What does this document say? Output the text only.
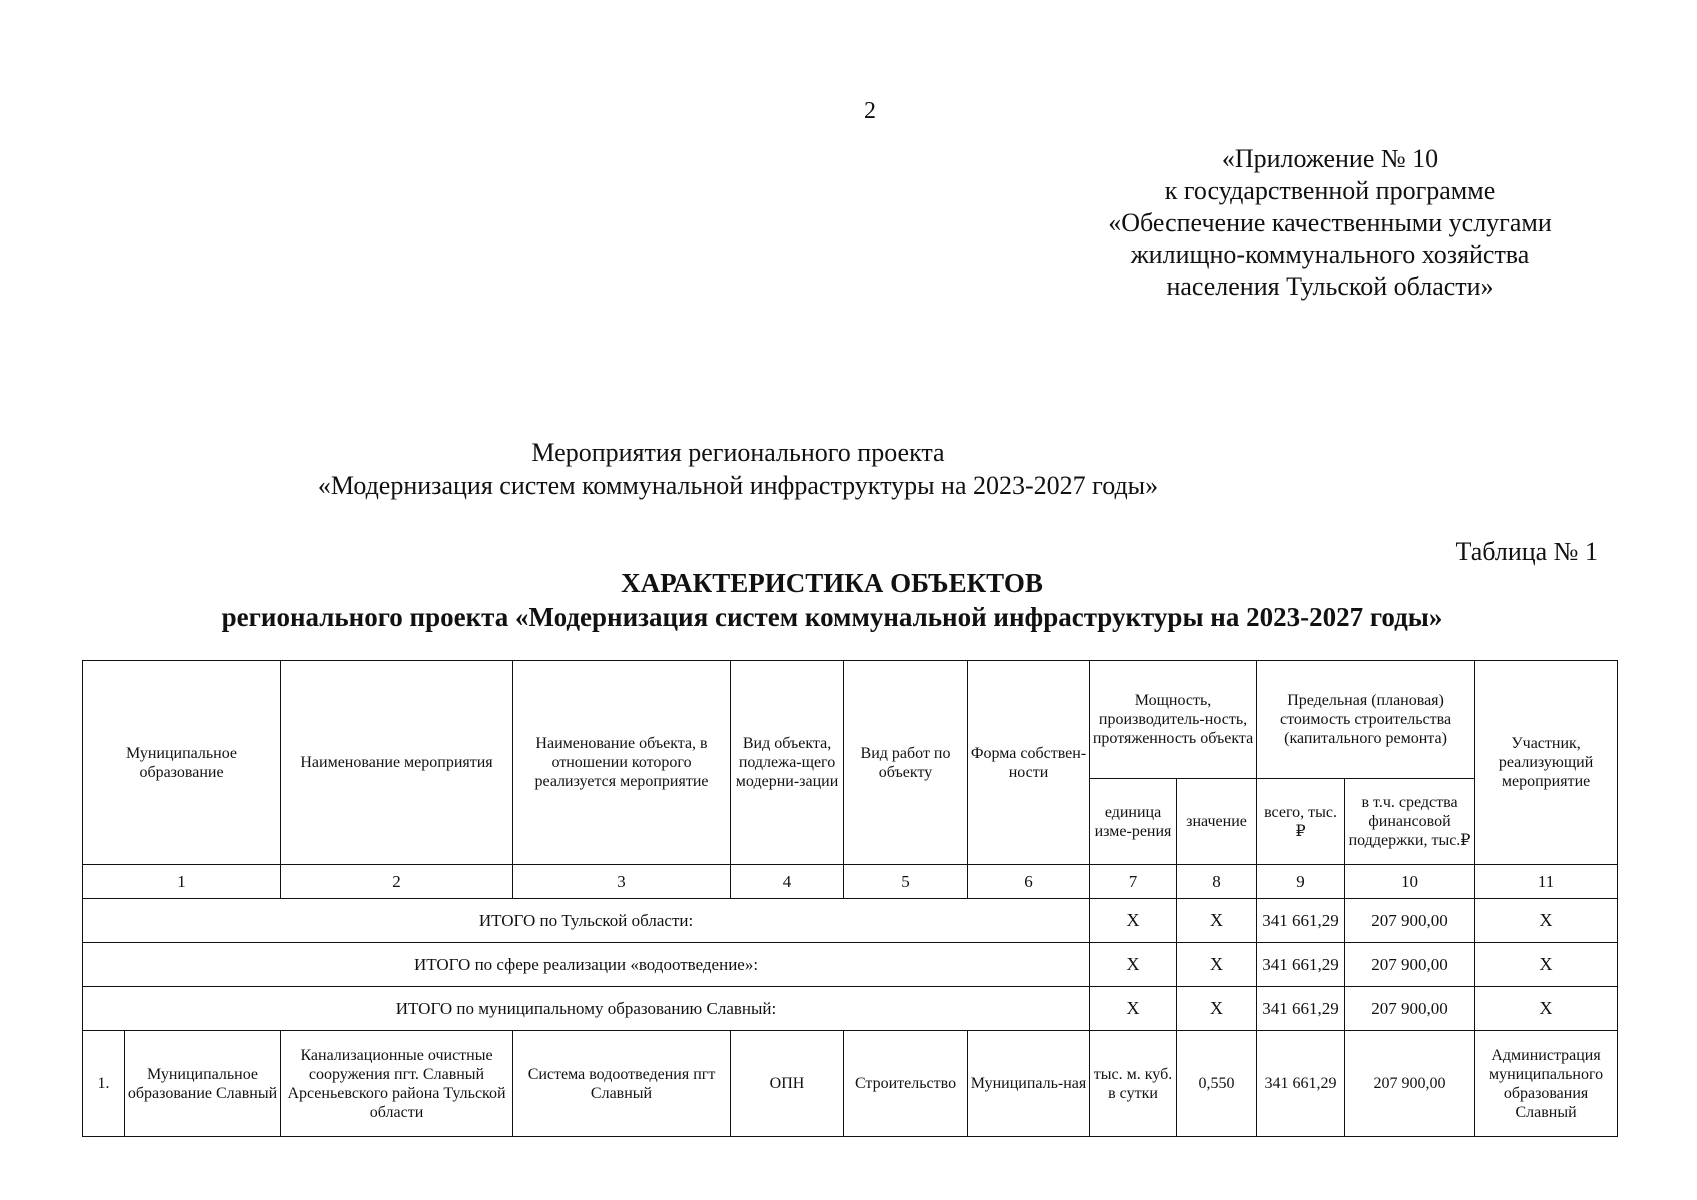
2
«Приложение № 10
к государственной программе
«Обеспечение качественными услугами
жилищно-коммунального хозяйства
населения Тульской области»
Мероприятия регионального проекта
«Модернизация систем коммунальной инфраструктуры на 2023-2027 годы»
Таблица № 1
ХАРАКТЕРИСТИКА ОБЪЕКТОВ
регионального проекта «Модернизация систем коммунальной инфраструктуры на 2023-2027 годы»
Муниципальное образование		Наименование мероприятия	Наименование объекта, в отношении которого реализуется мероприятие	Вид объекта, подлежа-щего модерни-зации	Вид работ по объекту	Форма собствен-ности	Мощность, производитель-ность, протяженность объекта		Предельная (плановая) стоимость строительства (капитального ремонта)		Участник, реализующий мероприятие
							единица изме-рения	значение	всего, тыс.₽	в т.ч. средства финансовой поддержки, тыс.₽	
1		2	3	4	5	6	7	8	9	10	11
ИТОГО по Тульской области:							Х	Х	341 661,29	207 900,00	Х
ИТОГО по сфере реализации «водоотведение»:							Х	Х	341 661,29	207 900,00	Х
ИТОГО по муниципальному образованию Славный:							Х	Х	341 661,29	207 900,00	Х
1.	Муниципальное образование Славный	Канализационные очистные сооружения пгт. Славный Арсеньевского района Тульской области	Система водоотведения пгт Славный	ОПН	Строительство	Муниципаль-ная	тыс. м. куб. в сутки	0,550	341 661,29	207 900,00	Администрация муниципального образования Славный
